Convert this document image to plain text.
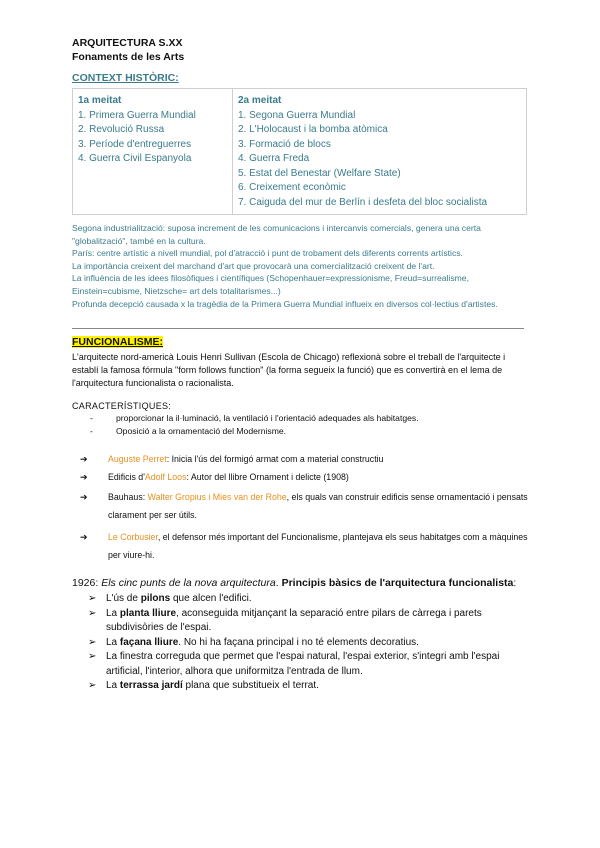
ARQUITECTURA S.XX
Fonaments de les Arts
CONTEXT HISTÒRIC:
1a meitat
1. Primera Guerra Mundial
2. Revolució Russa
3. Període d'entreguerres
4. Guerra Civil Espanyola

2a meitat
1. Segona Guerra Mundial
2. L'Holocaust i la bomba atòmica
3. Formació de blocs
4. Guerra Freda
5. Estat del Benestar (Welfare State)
6. Creixement econòmic
7. Caiguda del mur de Berlín i desfeta del bloc socialista
Segona industrialització: suposa increment de les comunicacions i intercanvis comercials, genera una certa "globalització", també en la cultura.
París: centre artístic a nivell mundial, pol d'atracció i punt de trobament dels diferents corrents artístics.
La importància creixent del marchand d'art que provocarà una comercialització creixent de l'art.
La influència de les idees filosòfiques i científiques (Schopenhauer=expressionisme, Freud=surrealisme, Einstein=cubisme, Nietzsche= art dels totalitarismes...)
Profunda decepció causada x la tragèdia de la Primera Guerra Mundial influeix en diversos col·lectius d'artistes.
FUNCIONALISME:
L'arquitecte nord-americà Louis Henri Sullivan (Escola de Chicago) reflexionà sobre el treball de l'arquitecte i establí la famosa fórmula "form follows function" (la forma segueix la funció) que es convertirà en el lema de l'arquitectura funcionalista o racionalista.
CARACTERÍSTIQUES:
-	proporcionar la il·luminació, la ventilació i l'orientació adequades als habitatges.
-	Oposició a la ornamentació del Modernisme.
➔ Auguste Perret: Inicia l'ús del formigó armat com a material constructiu
➔ Edificis d'Adolf Loos: Autor del llibre Ornament i delicte (1908)
➔ Bauhaus: Walter Gropius i Mies van der Rohe, els quals van construir edificis sense ornamentació i pensats clarament per ser útils.
➔ Le Corbusier, el defensor més important del Funcionalisme, plantejava els seus habitatges com a màquines per viure-hi.
1926: Els cinc punts de la nova arquitectura. Principis bàsics de l'arquitectura funcionalista:
➢ L'ús de pilons que alcen l'edifici.
➢ La planta lliure, aconseguida mitjançant la separació entre pilars de càrrega i parets subdivisòries de l'espai.
➢ La façana lliure. No hi ha façana principal i no té elements decoratius.
➢ La finestra correguda que permet que l'espai natural, l'espai exterior, s'integri amb l'espai artificial, l'interior, alhora que uniformitza l'entrada de llum.
➢ La terrassa jardí plana que substitueix el terrat.
